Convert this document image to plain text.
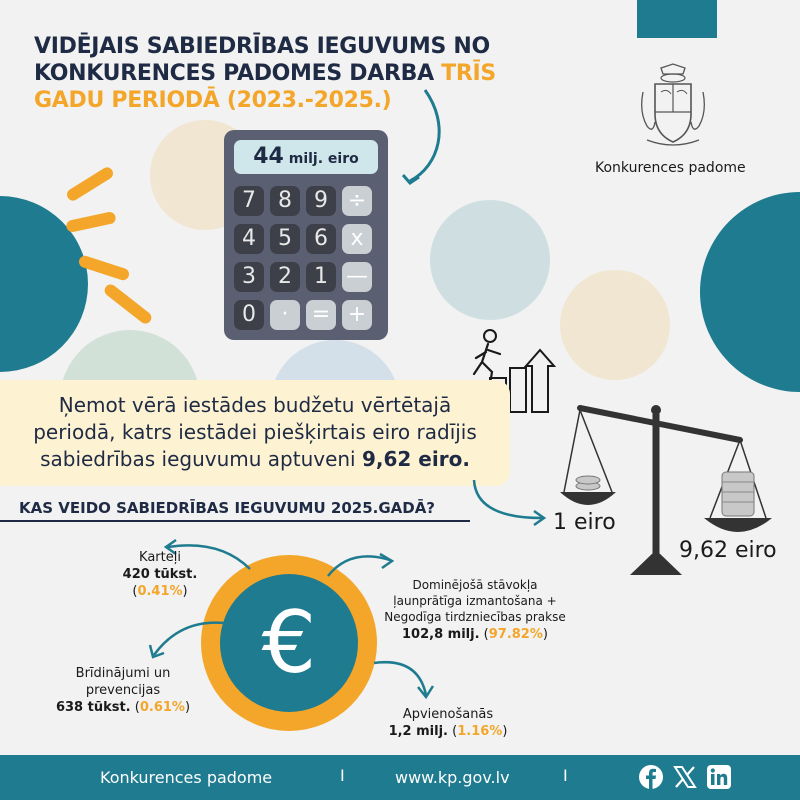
VIDĒJAIS SABIEDRĪBAS IEGUVUMS NO
KONKURENCES PADOMES DARBA TRĪS
GADU PERIODĀ (2023.-2025.)
44 milj. eiro
7	8	9 ÷
4	5	6	x
3	2	1 —
0	·	= +
Konkurences padome
Ņemot vērā iestādes budžetu vērtētajā periodā, katrs iestādei piešķirtais eiro radījis sabiedrības ieguvumu aptuveni 9,62 eiro.
1 eiro
9,62 eiro
KAS VEIDO SABIEDRĪBAS IEGUVUMU 2025.GADĀ?
€
Karteļi
420 tūkst. (0.41%)
Brīdinājumi un
prevencijas
638 tūkst. (0.61%)
Dominējošā stāvokļa
ļaunprātīga izmantošana +
Negodīga tirdzniecības prakse
102,8 milj. (97.82%)
Apvienošanās
1,2 milj. (1.16%)
Konkurences padome	I	www.kp.gov.lv	I
